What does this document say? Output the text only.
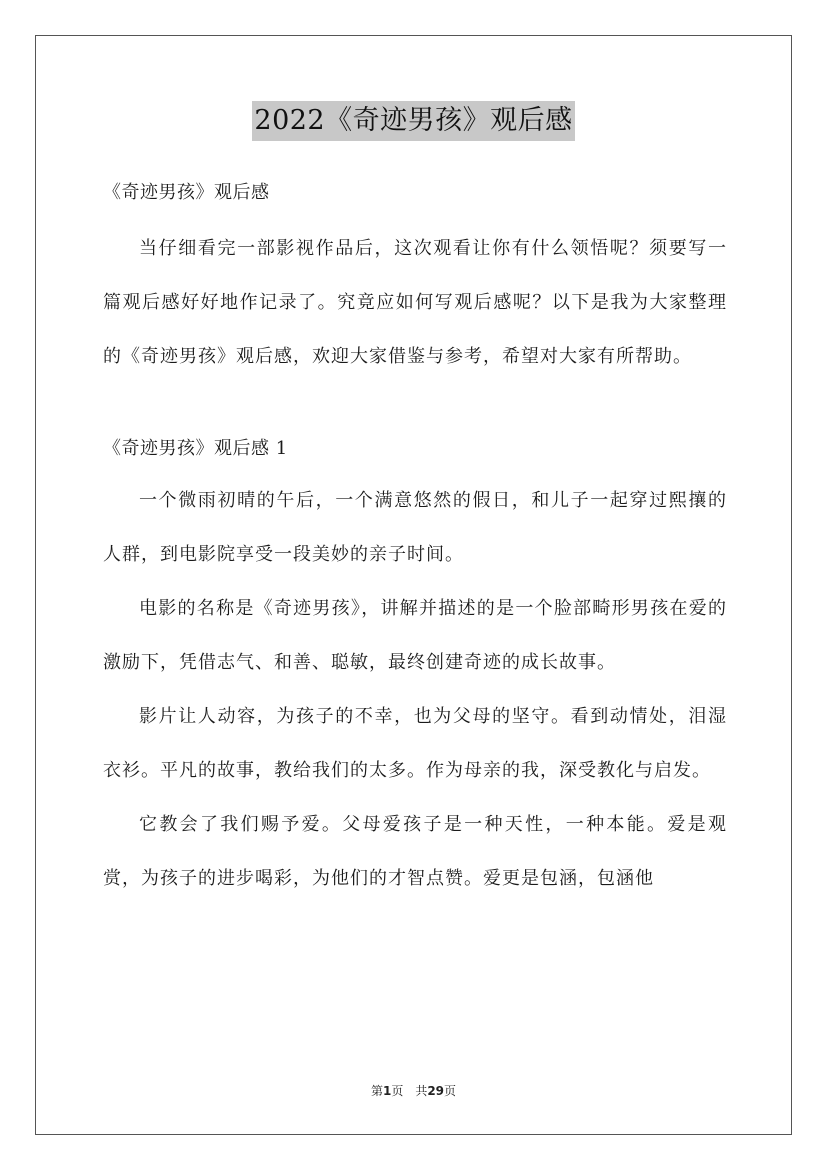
2022《奇迹男孩》观后感
《奇迹男孩》观后感
当仔细看完一部影视作品后，这次观看让你有什么领悟呢？须要写一篇观后感好好地作记录了。究竟应如何写观后感呢？以下是我为大家整理的《奇迹男孩》观后感，欢迎大家借鉴与参考，希望对大家有所帮助。
《奇迹男孩》观后感 1
一个微雨初晴的午后，一个满意悠然的假日，和儿子一起穿过熙攘的人群，到电影院享受一段美妙的亲子时间。
电影的名称是《奇迹男孩》，讲解并描述的是一个脸部畸形男孩在爱的激励下，凭借志气、和善、聪敏，最终创建奇迹的成长故事。
影片让人动容，为孩子的不幸，也为父母的坚守。看到动情处，泪湿衣衫。平凡的故事，教给我们的太多。作为母亲的我，深受教化与启发。
它教会了我们赐予爱。父母爱孩子是一种天性，一种本能。爱是观赏，为孩子的进步喝彩，为他们的才智点赞。爱更是包涵，包涵他
第1页　共29页
